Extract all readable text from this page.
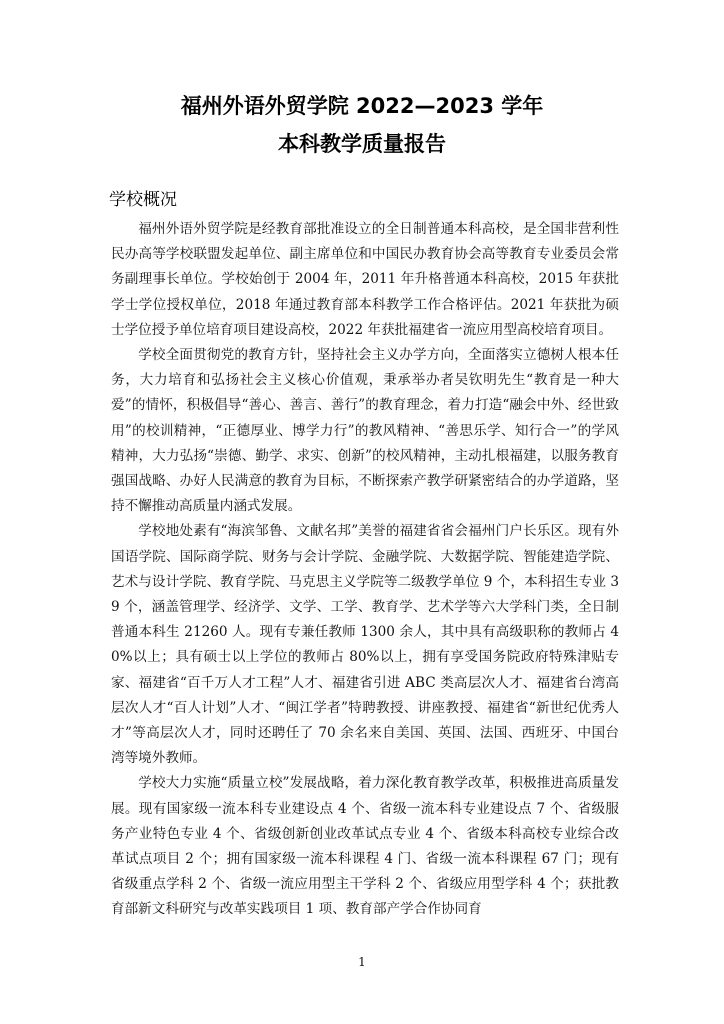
福州外语外贸学院 2022—2023 学年
本科教学质量报告
学校概况

福州外语外贸学院是经教育部批准设立的全日制普通本科高校，是全国非营利性民办高等学校联盟发起单位、副主席单位和中国民办教育协会高等教育专业委员会常务副理事长单位。学校始创于 2004 年，2011 年升格普通本科高校，2015 年获批学士学位授权单位，2018 年通过教育部本科教学工作合格评估。2021 年获批为硕士学位授予单位培育项目建设高校，2022 年获批福建省一流应用型高校培育项目。

学校全面贯彻党的教育方针，坚持社会主义办学方向，全面落实立德树人根本任务，大力培育和弘扬社会主义核心价值观，秉承举办者吴钦明先生“教育是一种大爱”的情怀，积极倡导“善心、善言、善行”的教育理念，着力打造“融会中外、经世致用”的校训精神，“正德厚业、博学力行”的教风精神、“善思乐学、知行合一”的学风精神，大力弘扬“崇德、勤学、求实、创新”的校风精神，主动扎根福建，以服务教育强国战略、办好人民满意的教育为目标，不断探索产教学研紧密结合的办学道路，坚持不懈推动高质量内涵式发展。

学校地处素有“海滨邹鲁、文献名邦”美誉的福建省省会福州门户长乐区。现有外国语学院、国际商学院、财务与会计学院、金融学院、大数据学院、智能建造学院、艺术与设计学院、教育学院、马克思主义学院等二级教学单位 9 个，本科招生专业 39 个，涵盖管理学、经济学、文学、工学、教育学、艺术学等六大学科门类，全日制普通本科生 21260 人。现有专兼任教师 1300 余人，其中具有高级职称的教师占 40%以上；具有硕士以上学位的教师占 80%以上，拥有享受国务院政府特殊津贴专家、福建省“百千万人才工程”人才、福建省引进 ABC 类高层次人才、福建省台湾高层次人才“百人计划”人才、“闽江学者”特聘教授、讲座教授、福建省“新世纪优秀人才”等高层次人才，同时还聘任了 70 余名来自美国、英国、法国、西班牙、中国台湾等境外教师。

学校大力实施“质量立校”发展战略，着力深化教育教学改革，积极推进高质量发展。现有国家级一流本科专业建设点 4 个、省级一流本科专业建设点 7 个、省级服务产业特色专业 4 个、省级创新创业改革试点专业 4 个、省级本科高校专业综合改革试点项目 2 个；拥有国家级一流本科课程 4 门、省级一流本科课程 67 门；现有省级重点学科 2 个、省级一流应用型主干学科 2 个、省级应用型学科 4 个；获批教育部新文科研究与改革实践项目 1 项、教育部产学合作协同育

1
